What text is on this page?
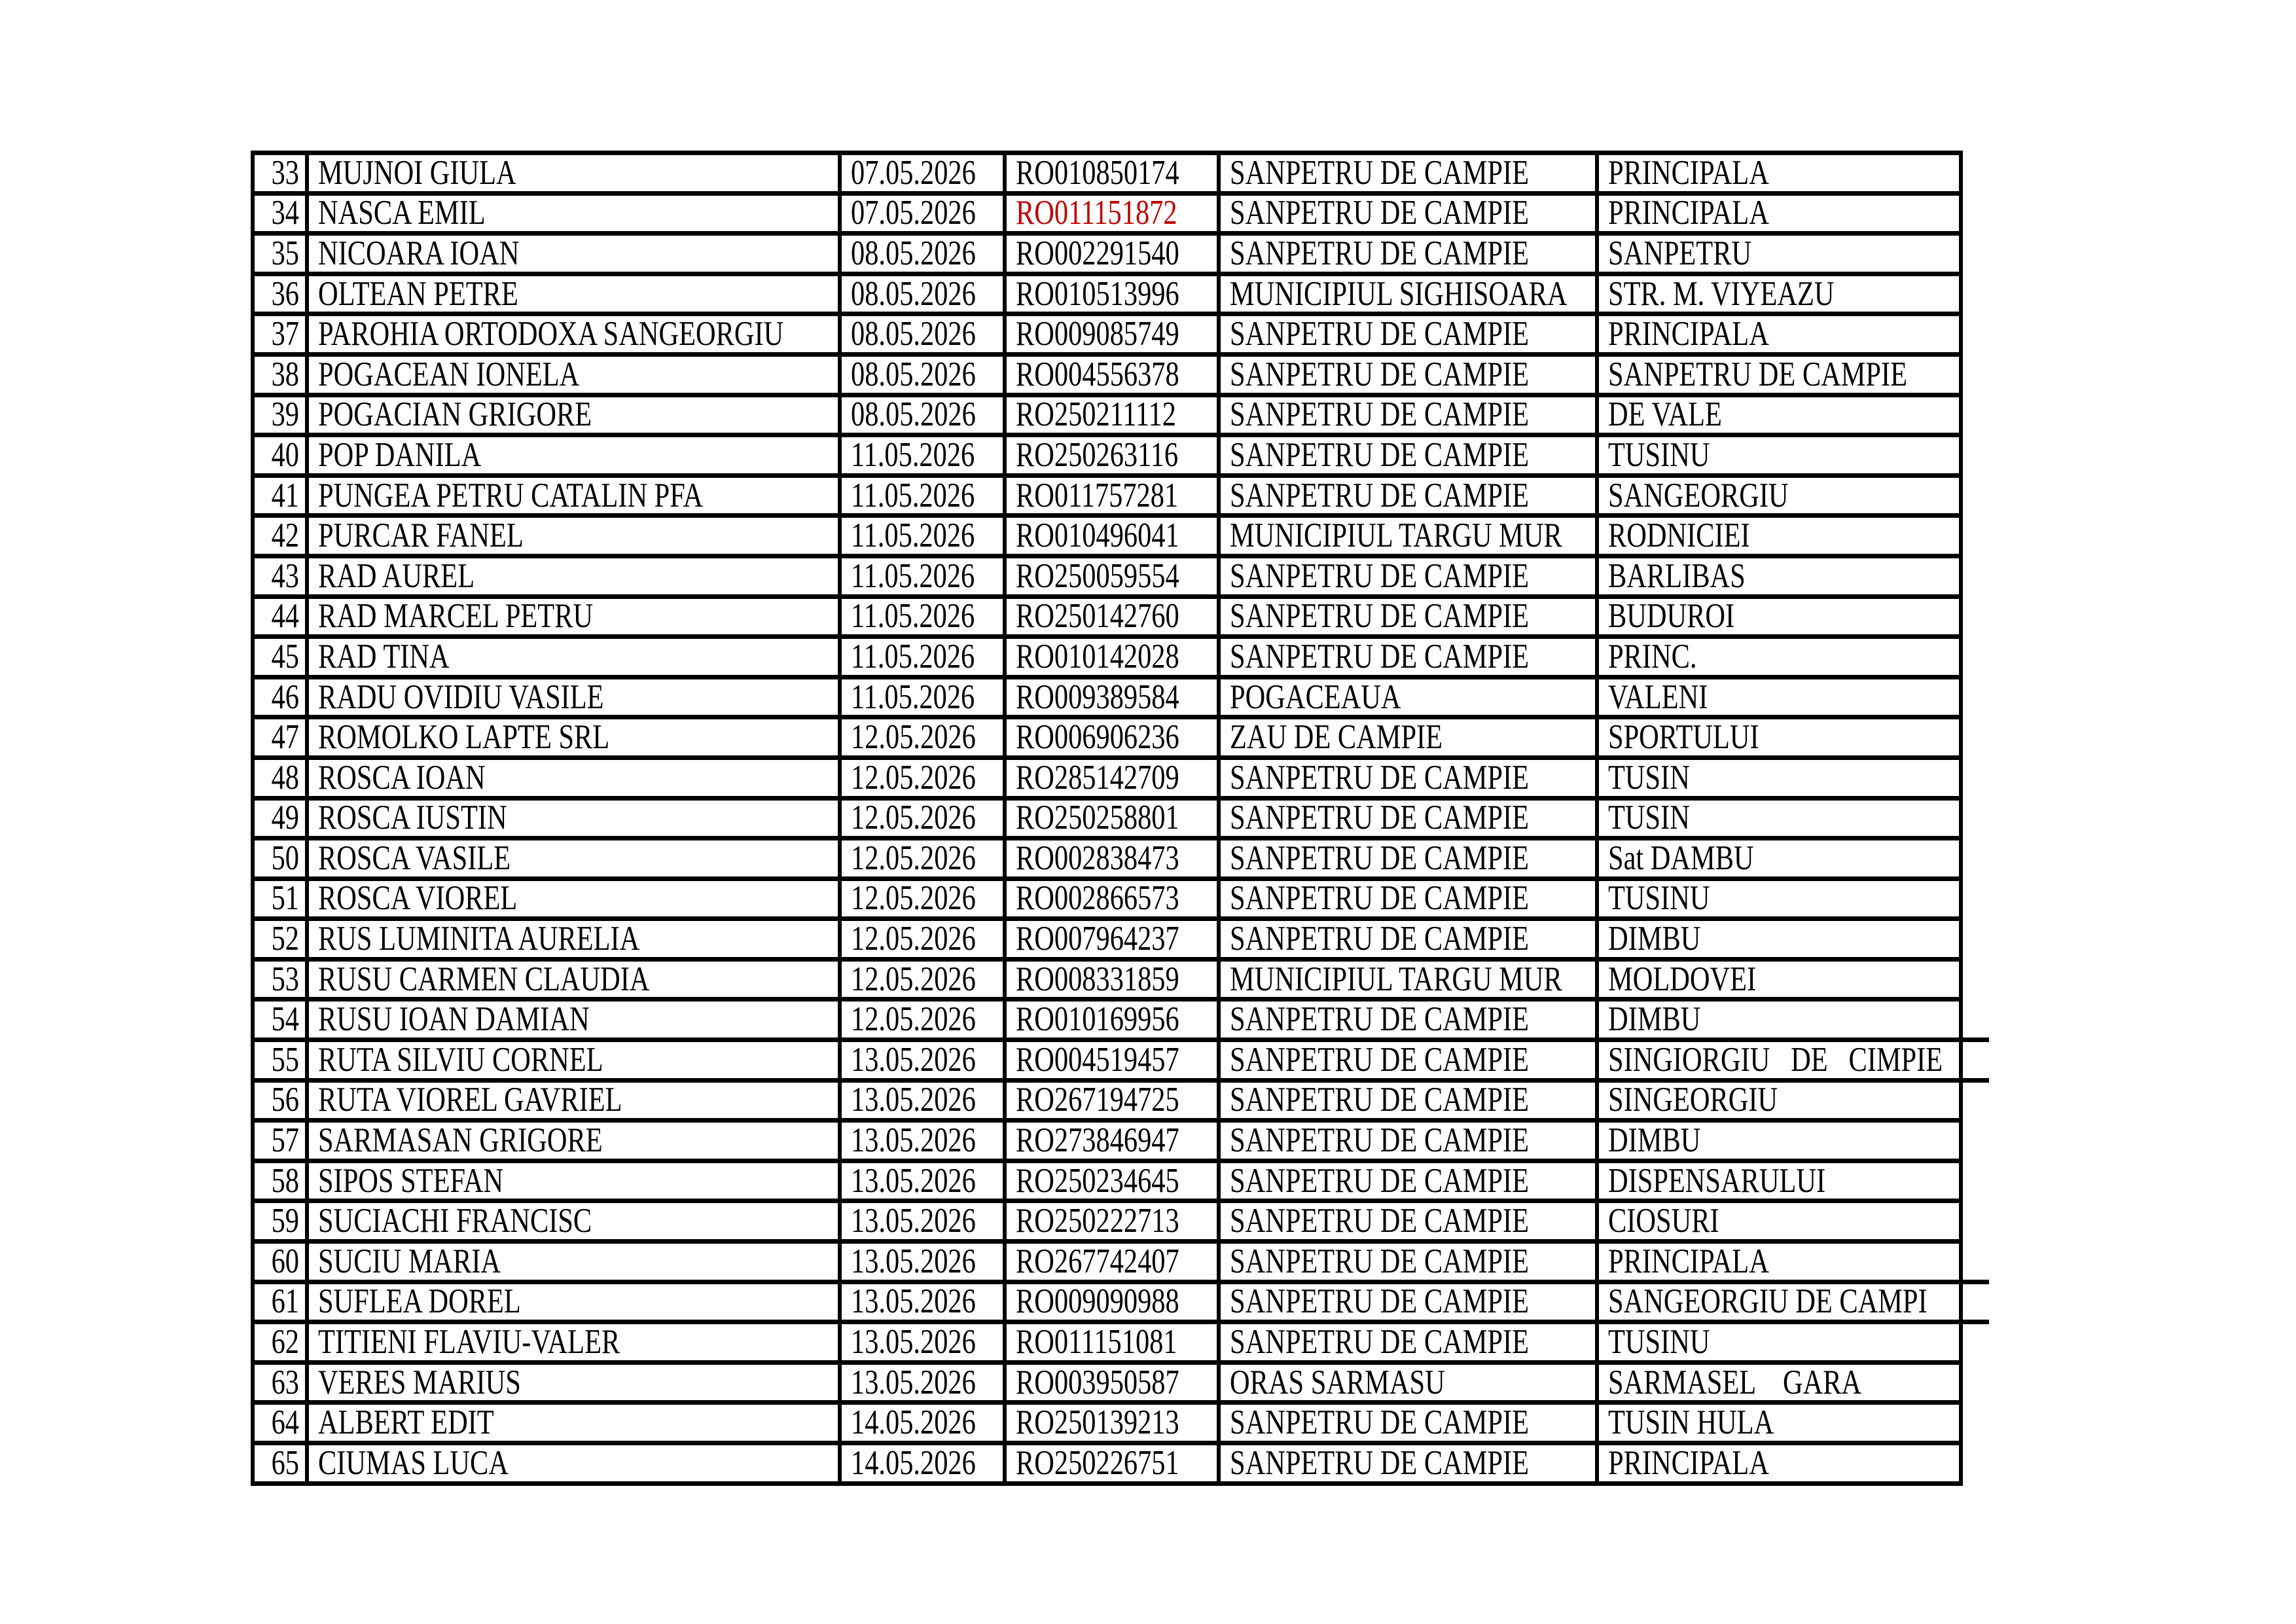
33	MUJNOI GIULA	07.05.2026	RO010850174	SANPETRU DE CAMPIE	PRINCIPALA

34	NASCA EMIL	07.05.2026	RO011151872	SANPETRU DE CAMPIE	PRINCIPALA

35	NICOARA IOAN	08.05.2026	RO002291540	SANPETRU DE CAMPIE	SANPETRU

36	OLTEAN PETRE	08.05.2026	RO010513996	MUNICIPIUL SIGHISOARA	STR. M. VIYEAZU

37	PAROHIA ORTODOXA SANGEORGIU	08.05.2026	RO009085749	SANPETRU DE CAMPIE	PRINCIPALA

38	POGACEAN IONELA	08.05.2026	RO004556378	SANPETRU DE CAMPIE	SANPETRU DE CAMPIE

39	POGACIAN GRIGORE	08.05.2026	RO250211112	SANPETRU DE CAMPIE	DE VALE

40	POP DANILA	11.05.2026	RO250263116	SANPETRU DE CAMPIE	TUSINU

41	PUNGEA PETRU CATALIN PFA	11.05.2026	RO011757281	SANPETRU DE CAMPIE	SANGEORGIU

42	PURCAR FANEL	11.05.2026	RO010496041	MUNICIPIUL TARGU MUR	RODNICIEI

43	RAD AUREL	11.05.2026	RO250059554	SANPETRU DE CAMPIE	BARLIBAS

44	RAD MARCEL PETRU	11.05.2026	RO250142760	SANPETRU DE CAMPIE	BUDUROI

45	RAD TINA	11.05.2026	RO010142028	SANPETRU DE CAMPIE	PRINC.

46	RADU OVIDIU VASILE	11.05.2026	RO009389584	POGACEAUA	VALENI

47	ROMOLKO LAPTE SRL	12.05.2026	RO006906236	ZAU DE CAMPIE	SPORTULUI

48	ROSCA IOAN	12.05.2026	RO285142709	SANPETRU DE CAMPIE	TUSIN

49	ROSCA IUSTIN	12.05.2026	RO250258801	SANPETRU DE CAMPIE	TUSIN

50	ROSCA VASILE	12.05.2026	RO002838473	SANPETRU DE CAMPIE	Sat DAMBU

51	ROSCA VIOREL	12.05.2026	RO002866573	SANPETRU DE CAMPIE	TUSINU

52	RUS LUMINITA AURELIA	12.05.2026	RO007964237	SANPETRU DE CAMPIE	DIMBU

53	RUSU CARMEN CLAUDIA	12.05.2026	RO008331859	MUNICIPIUL TARGU MUR	MOLDOVEI

54	RUSU IOAN DAMIAN	12.05.2026	RO010169956	SANPETRU DE CAMPIE	DIMBU

55	RUTA SILVIU CORNEL	13.05.2026	RO004519457	SANPETRU DE CAMPIE	SINGIORGIU   DE   CIMPIE

56	RUTA VIOREL GAVRIEL	13.05.2026	RO267194725	SANPETRU DE CAMPIE	SINGEORGIU

57	SARMASAN GRIGORE	13.05.2026	RO273846947	SANPETRU DE CAMPIE	DIMBU

58	SIPOS STEFAN	13.05.2026	RO250234645	SANPETRU DE CAMPIE	DISPENSARULUI

59	SUCIACHI FRANCISC	13.05.2026	RO250222713	SANPETRU DE CAMPIE	CIOSURI

60	SUCIU MARIA	13.05.2026	RO267742407	SANPETRU DE CAMPIE	PRINCIPALA

61	SUFLEA DOREL	13.05.2026	RO009090988	SANPETRU DE CAMPIE	SANGEORGIU DE CAMPI

62	TITIENI FLAVIU-VALER	13.05.2026	RO011151081	SANPETRU DE CAMPIE	TUSINU

63	VERES MARIUS	13.05.2026	RO003950587	ORAS SARMASU	SARMASEL    GARA

64	ALBERT EDIT	14.05.2026	RO250139213	SANPETRU DE CAMPIE	TUSIN HULA

65	CIUMAS LUCA	14.05.2026	RO250226751	SANPETRU DE CAMPIE	PRINCIPALA
